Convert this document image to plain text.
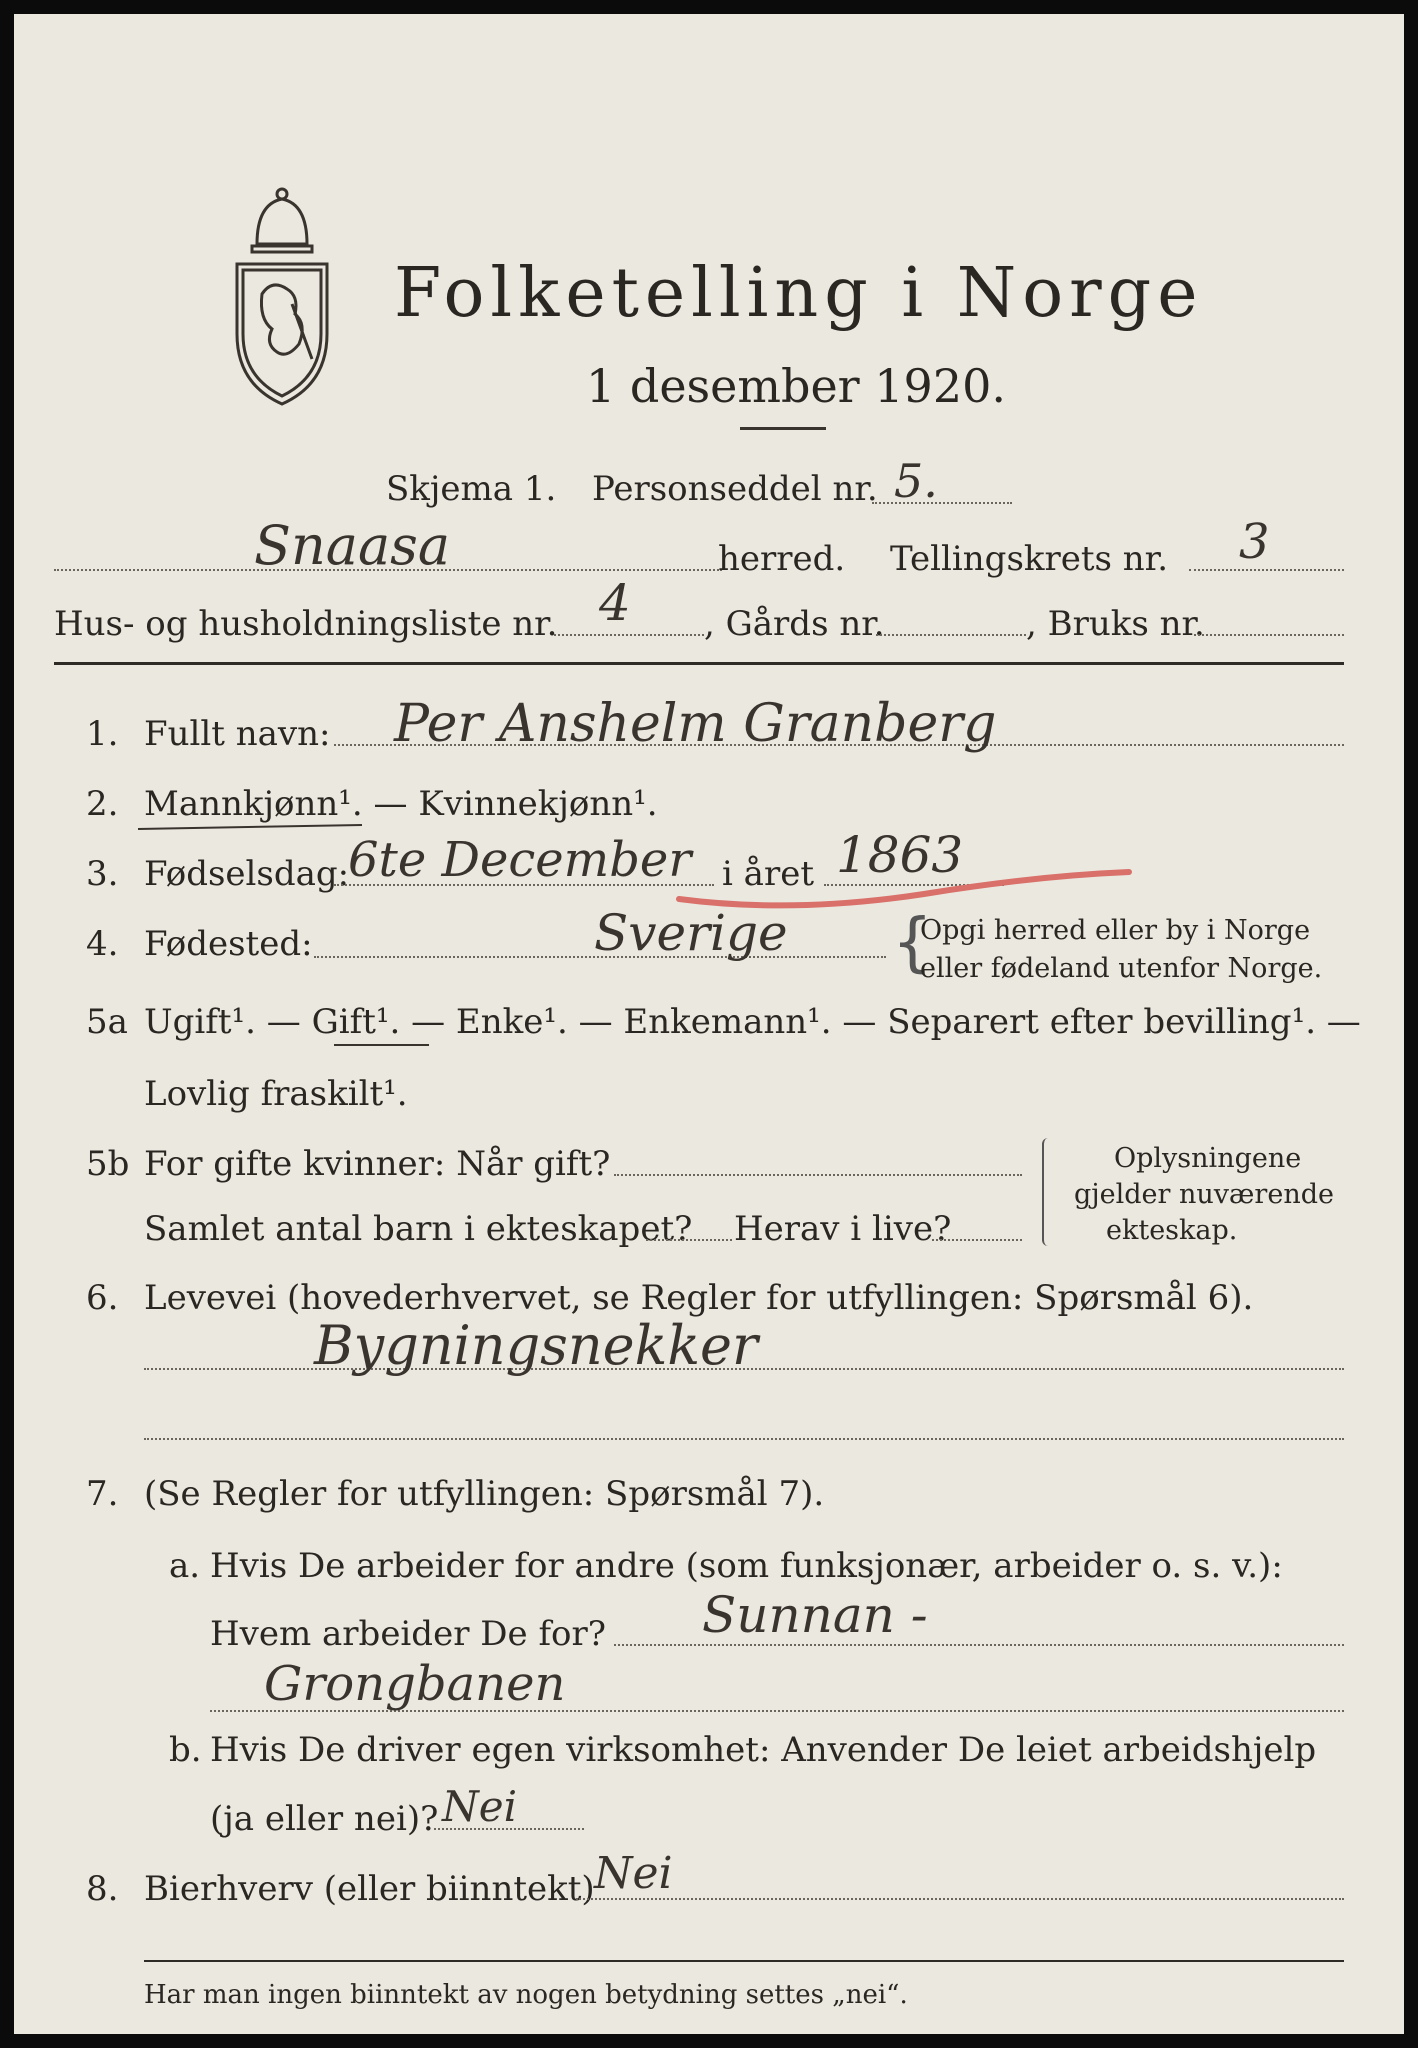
Folketelling i Norge
1 desember 1920.
Skjema 1. Personseddel nr. 5.
Snaasa	herred. Tellingskrets nr. 3
Hus- og husholdningsliste nr. 4 , Gårds nr.	, Bruks nr.
1. Fullt navn: Per Anshelm Granberg
2. Mannkjønn¹. — Kvinnekjønn¹.
3. Fødselsdag:
6te December i året 1863
4. Fødested:	Sverige {
Opgi herred eller by i Norge
eller fødeland utenfor Norge.
5a Ugift¹. — Gift¹. — Enke¹. — Enkemann¹. — Separert efter bevilling¹. —
Lovlig fraskilt¹.
5b For gifte kvinner: Når gift?
Samlet antal barn i ekteskapet? Herav i live?
Oplysningene
gjelder nuværende
ekteskap.
6. Levevei (hovederhvervet, se Regler for utfyllingen: Spørsmål 6).
Bygningsnekker
7. (Se Regler for utfyllingen: Spørsmål 7).
a. Hvis De arbeider for andre (som funksjonær, arbeider o. s. v.):
Hvem arbeider De for? Sunnan -
Grongbanen
b. Hvis De driver egen virksomhet: Anvender De leiet arbeidshjelp
(ja eller nei)? Nei
8. Bierhverv (eller biinntekt) Nei
Har man ingen biinntekt av nogen betydning settes „nei“.
